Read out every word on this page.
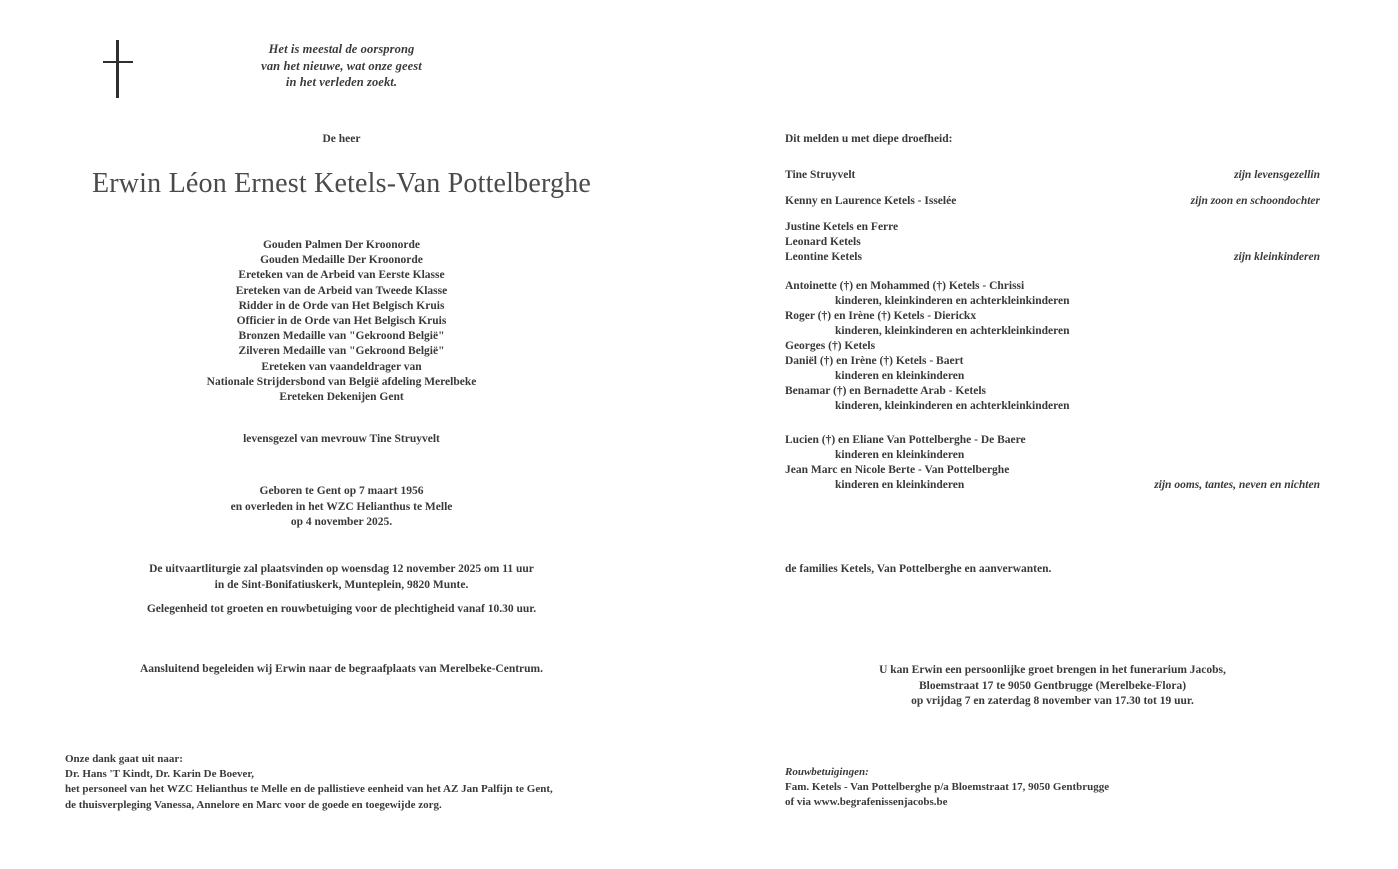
Het is meestal de oorsprong
van het nieuwe, wat onze geest
in het verleden zoekt.
De heer
Erwin Léon Ernest Ketels-Van Pottelberghe
Gouden Palmen Der Kroonorde
Gouden Medaille Der Kroonorde
Ereteken van de Arbeid van Eerste Klasse
Ereteken van de Arbeid van Tweede Klasse
Ridder in de Orde van Het Belgisch Kruis
Officier in de Orde van Het Belgisch Kruis
Bronzen Medaille van "Gekroond België"
Zilveren Medaille van "Gekroond België"
Ereteken van vaandeldrager van
Nationale Strijdersbond van België afdeling Merelbeke
Ereteken Dekenijen Gent
levensgezel van mevrouw Tine Struyvelt
Geboren te Gent op 7 maart 1956
en overleden in het WZC Helianthus te Melle
op 4 november 2025.
De uitvaartliturgie zal plaatsvinden op woensdag 12 november 2025 om 11 uur
in de Sint-Bonifatiuskerk, Munteplein, 9820 Munte.
Gelegenheid tot groeten en rouwbetuiging voor de plechtigheid vanaf 10.30 uur.
Aansluitend begeleiden wij Erwin naar de begraafplaats van Merelbeke-Centrum.
Onze dank gaat uit naar:
Dr. Hans 'T Kindt, Dr. Karin De Boever,
het personeel van het WZC Helianthus te Melle en de pallistieve eenheid van het AZ Jan Palfijn te Gent,
de thuisverpleging Vanessa, Annelore en Marc voor de goede en toegewijde zorg.
Dit melden u met diepe droefheid:
Tine Struyvelt	zijn levensgezellin
Kenny en Laurence Ketels - Isselée	zijn zoon en schoondochter
Justine Ketels en Ferre
Leonard Ketels
Leontine Ketels	zijn kleinkinderen
Antoinette (†) en Mohammed (†) Ketels - Chrissi
kinderen, kleinkinderen en achterkleinkinderen
Roger (†) en Irène (†) Ketels - Dierickx
kinderen, kleinkinderen en achterkleinkinderen
Georges (†) Ketels
Daniël (†) en Irène (†) Ketels - Baert
kinderen en kleinkinderen
Benamar (†) en Bernadette Arab - Ketels
kinderen, kleinkinderen en achterkleinkinderen
Lucien (†) en Eliane Van Pottelberghe - De Baere
kinderen en kleinkinderen
Jean Marc en Nicole Berte - Van Pottelberghe
kinderen en kleinkinderen	zijn ooms, tantes, neven en nichten
de families Ketels, Van Pottelberghe en aanverwanten.
U kan Erwin een persoonlijke groet brengen in het funerarium Jacobs,
Bloemstraat 17 te 9050 Gentbrugge (Merelbeke-Flora)
op vrijdag 7 en zaterdag 8 november van 17.30 tot 19 uur.
Rouwbetuigingen:
Fam. Ketels - Van Pottelberghe p/a Bloemstraat 17, 9050 Gentbrugge
of via www.begrafenissenjacobs.be
